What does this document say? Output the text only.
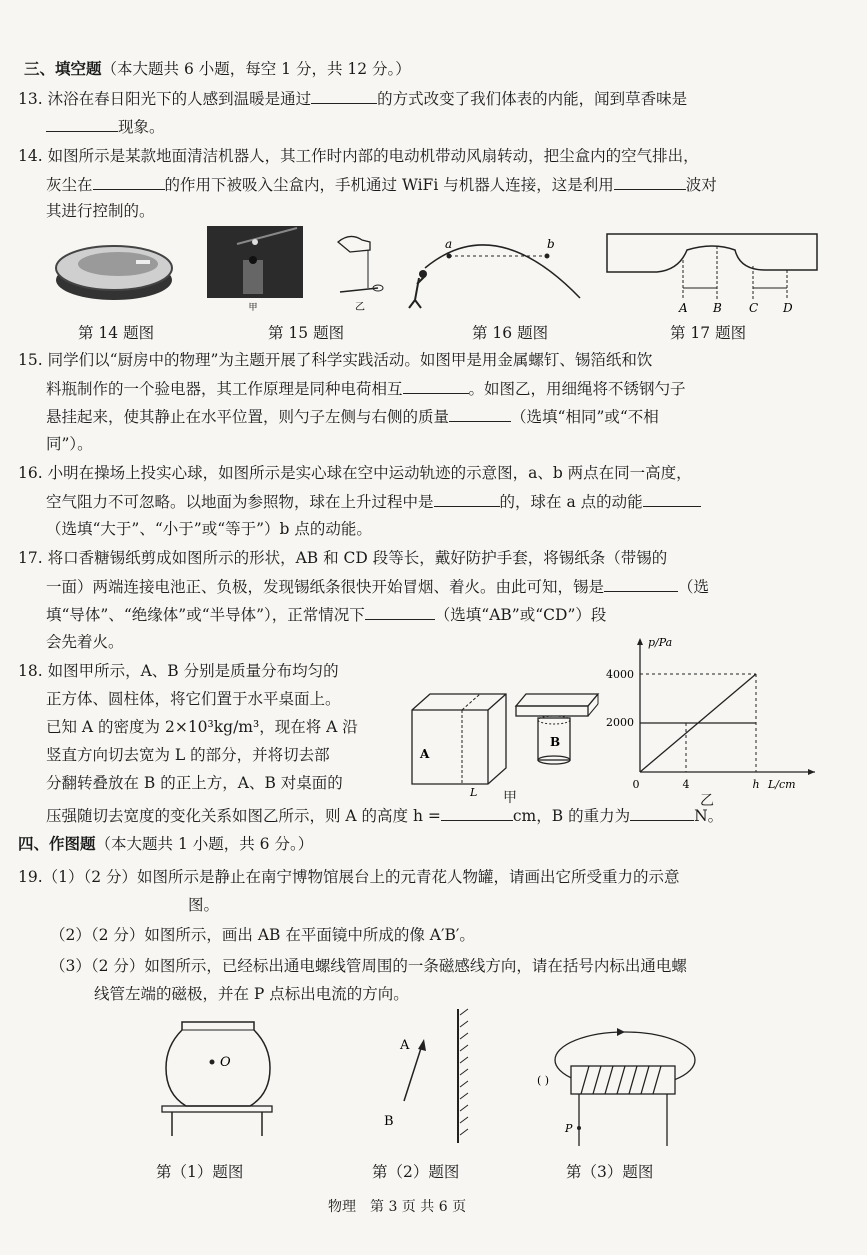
三、填空题（本大题共 6 小题，每空 1 分，共 12 分。）
13. 沐浴在春日阳光下的人感到温暖是通过	的方式改变了我们体表的内能，闻到草香味是
现象。
14. 如图所示是某款地面清洁机器人，其工作时内部的电动机带动风扇转动，把尘盒内的空气排出，
灰尘在	的作用下被吸入尘盒内，手机通过 WiFi 与机器人连接，这是利用	波对
其进行控制的。
甲	乙
a	b
A B C D
第 14 题图	第 15 题图	第 16 题图	第 17 题图
15. 同学们以“厨房中的物理”为主题开展了科学实践活动。如图甲是用金属螺钉、锡箔纸和饮
料瓶制作的一个验电器，其工作原理是同种电荷相互	。如图乙，用细绳将不锈钢勺子
悬挂起来，使其静止在水平位置，则勺子左侧与右侧的质量	（选填“相同”或“不相
同”）。
16. 小明在操场上投实心球，如图所示是实心球在空中运动轨迹的示意图，a、b 两点在同一高度，
空气阻力不可忽略。以地面为参照物，球在上升过程中是	的，球在 a 点的动能
（选填“大于”、“小于”或“等于”）b 点的动能。
17. 将口香糖锡纸剪成如图所示的形状，AB 和 CD 段等长，戴好防护手套，将锡纸条（带锡的
一面）两端连接电池正、负极，发现锡纸条很快开始冒烟、着火。由此可知，锡是	（选
填“导体”、“绝缘体”或“半导体”），正常情况下	（选填“AB”或“CD”）段
会先着火。
18. 如图甲所示，A、B 分别是质量分布均匀的
正方体、圆柱体，将它们置于水平桌面上。
已知 A 的密度为 2×10³kg/m³，现在将 A 沿
竖直方向切去宽为 L 的部分，并将切去部
分翻转叠放在 B 的正上方，A、B 对桌面的
压强随切去宽度的变化关系如图乙所示，则 A 的高度 h =	cm，B 的重力为	N。
A
L
B
甲
p/Pa
L/cm
4000
2000
0	4	h
乙
四、作图题（本大题共 1 小题，共 6 分。）
19.（1）（2 分）如图所示是静止在南宁博物馆展台上的元青花人物罐，请画出它所受重力的示意
图。
（2）（2 分）如图所示，画出 AB 在平面镜中所成的像 A′B′。
（3）（2 分）如图所示，已经标出通电螺线管周围的一条磁感线方向，请在括号内标出通电螺
线管左端的磁极，并在 P 点标出电流的方向。
O
A
B	P
( )
第（1）题图	第（2）题图	第（3）题图
物理　第 3 页 共 6 页
